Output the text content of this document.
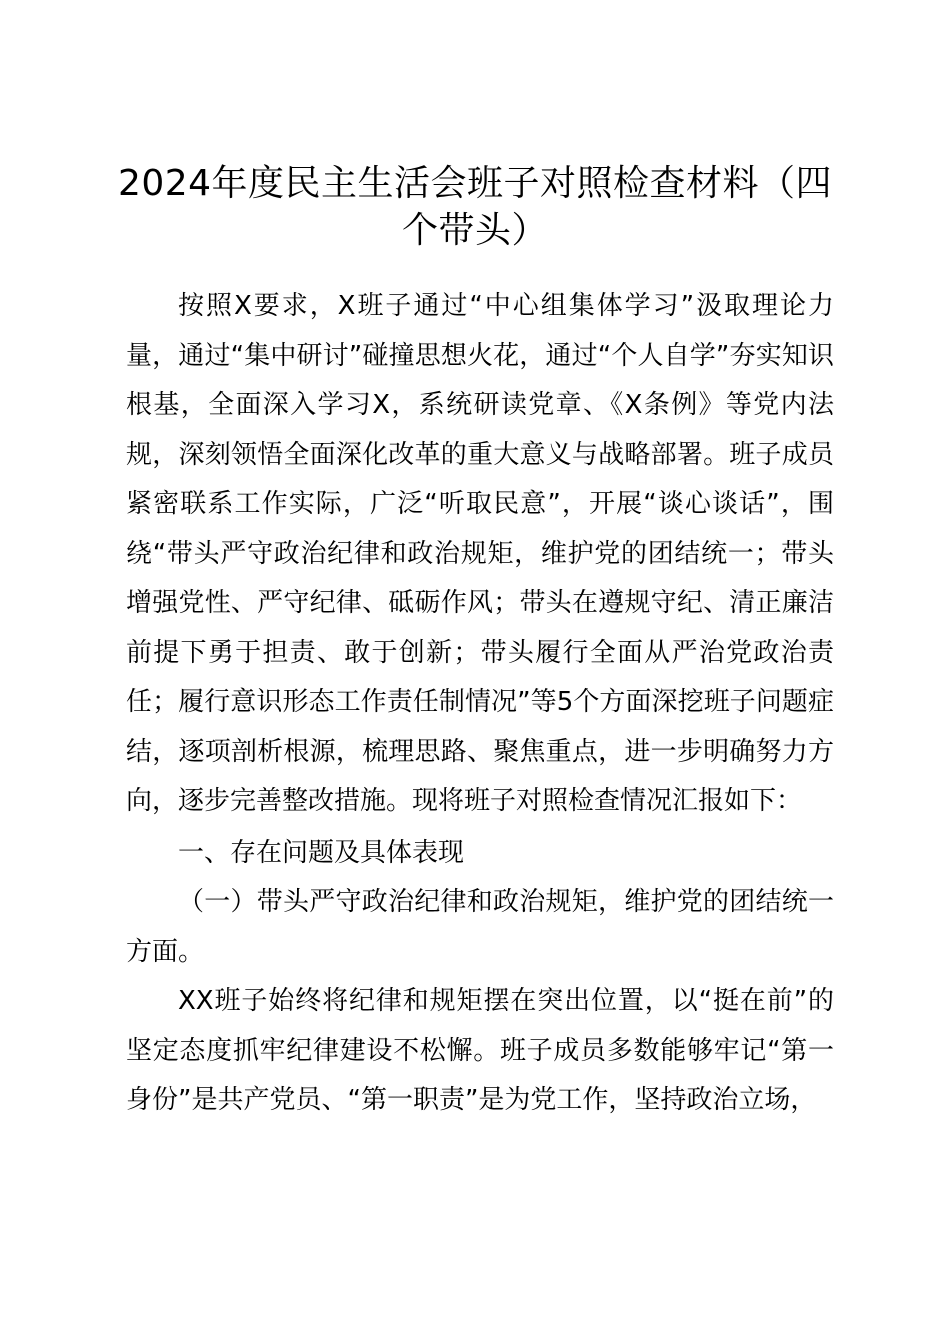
2024年度民主生活会班子对照检查材料（四个带头）

按照X要求，X班子通过“中心组集体学习”汲取理论力量，通过“集中研讨”碰撞思想火花，通过“个人自学”夯实知识根基，全面深入学习X，系统研读党章、《X条例》等党内法规，深刻领悟全面深化改革的重大意义与战略部署。班子成员紧密联系工作实际，广泛“听取民意”，开展“谈心谈话”，围绕“带头严守政治纪律和政治规矩，维护党的团结统一；带头增强党性、严守纪律、砥砺作风；带头在遵规守纪、清正廉洁前提下勇于担责、敢于创新；带头履行全面从严治党政治责任；履行意识形态工作责任制情况”等5个方面深挖班子问题症结，逐项剖析根源，梳理思路、聚焦重点，进一步明确努力方向，逐步完善整改措施。现将班子对照检查情况汇报如下：

一、存在问题及具体表现

（一）带头严守政治纪律和政治规矩，维护党的团结统一方面。

XX班子始终将纪律和规矩摆在突出位置，以“挺在前”的坚定态度抓牢纪律建设不松懈。班子成员多数能够牢记“第一身份”是共产党员、“第一职责”是为党工作，坚持政治立场，
